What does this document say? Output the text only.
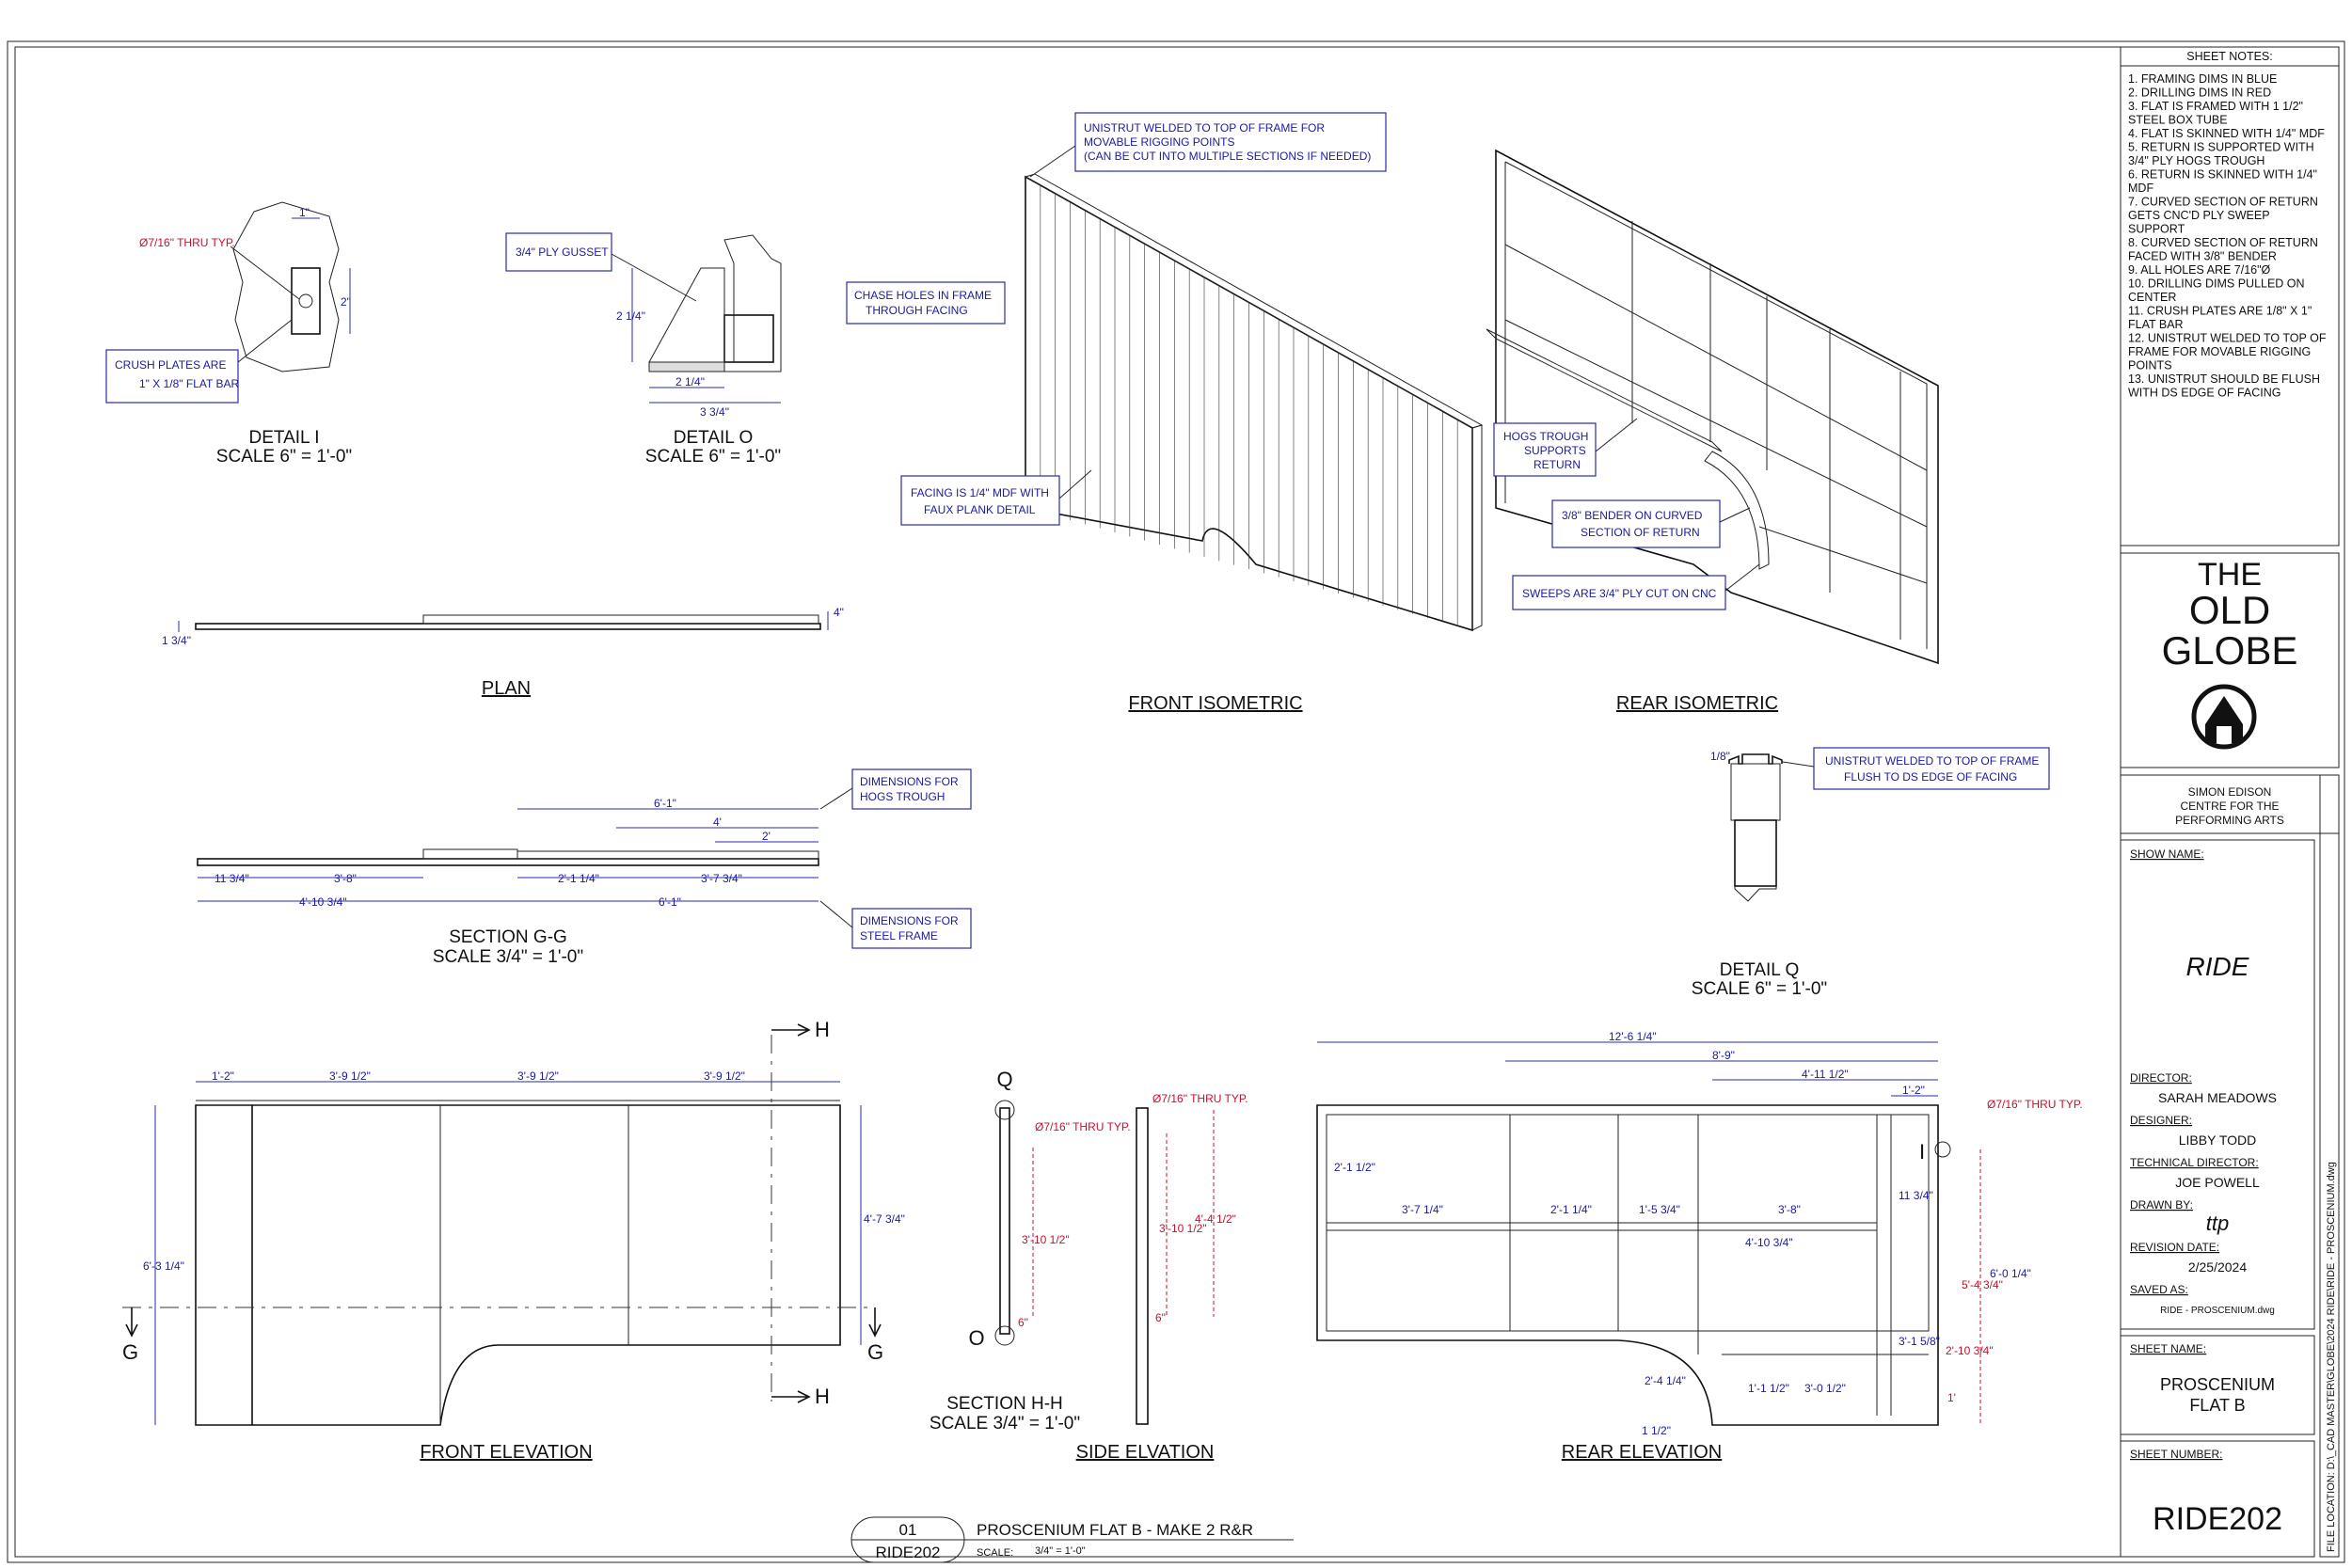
1"
2"
Ø7/16" THRU TYP.
CRUSH PLATES ARE
1" X 1/8" FLAT BAR
DETAIL I
SCALE 6" = 1'-0"
2 1/4"
2 1/4"
3 3/4"
3/4" PLY GUSSET
DETAIL O
SCALE 6" = 1'-0"
1 3/4"
4"
PLAN
UNISTRUT WELDED TO TOP OF FRAME FOR
MOVABLE RIGGING POINTS
(CAN BE CUT INTO MULTIPLE SECTIONS IF NEEDED)
CHASE HOLES IN FRAME
THROUGH FACING
FACING IS 1/4" MDF WITH
FAUX PLANK DETAIL
FRONT ISOMETRIC
HOGS TROUGH
SUPPORTS
RETURN
3/8" BENDER ON CURVED
SECTION OF RETURN
SWEEPS ARE 3/4" PLY CUT ON CNC
REAR ISOMETRIC
1/8"	UNISTRUT WELDED TO TOP OF FRAME
FLUSH TO DS EDGE OF FACING
DETAIL Q
SCALE 6" = 1'-0"
6'-1"
4'
2'
11 3/4"	3'-8"	2'-1 1/4"	3'-7 3/4"
4'-10 3/4"	6'-1"
DIMENSIONS FOR
HOGS TROUGH
DIMENSIONS FOR
STEEL FRAME
SECTION G-G
SCALE 3/4" = 1'-0"
1'-2"	3'-9 1/2"	3'-9 1/2"	3'-9 1/2"
6'-3 1/4"
4'-7 3/4"
H
H
G	G
FRONT ELEVATION
Q
O
Ø7/16" THRU TYP.
3'-10 1/2"
6"
SECTION H-H
SCALE 3/4" = 1'-0"
Ø7/16" THRU TYP.
3'-10 1/2"
4'-4 1/2"
6"
SIDE ELVATION
12'-6 1/4"
8'-9"
4'-11 1/2"
1'-2"
2'-1 1/2"
3'-7 1/4"	2'-1 1/4"	1'-5 3/4"	3'-8"
4'-10 3/4"
11 3/4"
3'-1 5/8"
2'-4 1/4"
1'-1 1/2" 3'-0 1/2"
5'-4 3/4"
6'-0 1/4"
2'-10 3/4"
1'
1 1/2"
I
Ø7/16" THRU TYP.
REAR ELEVATION
01
RIDE202
PROSCENIUM FLAT B - MAKE 2 R&R
SCALE: 3/4" = 1'-0"
SHEET NOTES:
1. FRAMING DIMS IN BLUE
2. DRILLING DIMS IN RED
3. FLAT IS FRAMED WITH 1 1/2"
STEEL BOX TUBE
4. FLAT IS SKINNED WITH 1/4" MDF
5. RETURN IS SUPPORTED WITH
3/4" PLY HOGS TROUGH
6. RETURN IS SKINNED WITH 1/4"
MDF
7. CURVED SECTION OF RETURN
GETS CNC'D PLY SWEEP
SUPPORT
8. CURVED SECTION OF RETURN
FACED WITH 3/8" BENDER
9. ALL HOLES ARE 7/16"Ø
10. DRILLING DIMS PULLED ON
CENTER
11. CRUSH PLATES ARE 1/8" X 1"
FLAT BAR
12. UNISTRUT WELDED TO TOP OF
FRAME FOR MOVABLE RIGGING
POINTS
13. UNISTRUT SHOULD BE FLUSH
WITH DS EDGE OF FACING
THE
OLD
GLOBE
SIMON EDISON
CENTRE FOR THE
PERFORMING ARTS
SHOW NAME:
RIDE
DIRECTOR:
SARAH MEADOWS
DESIGNER:
LIBBY TODD
TECHNICAL DIRECTOR:
JOE POWELL
DRAWN BY:
ttp
REVISION DATE:
2/25/2024
SAVED AS:
RIDE - PROSCENIUM.dwg
SHEET NAME:
PROSCENIUM
FLAT B
SHEET NUMBER:
RIDE202	FILE LOCATION: D:\_CAD MASTER\GLOBE\2024 RIDE\RIDE - PROSCENIUM.dwg
